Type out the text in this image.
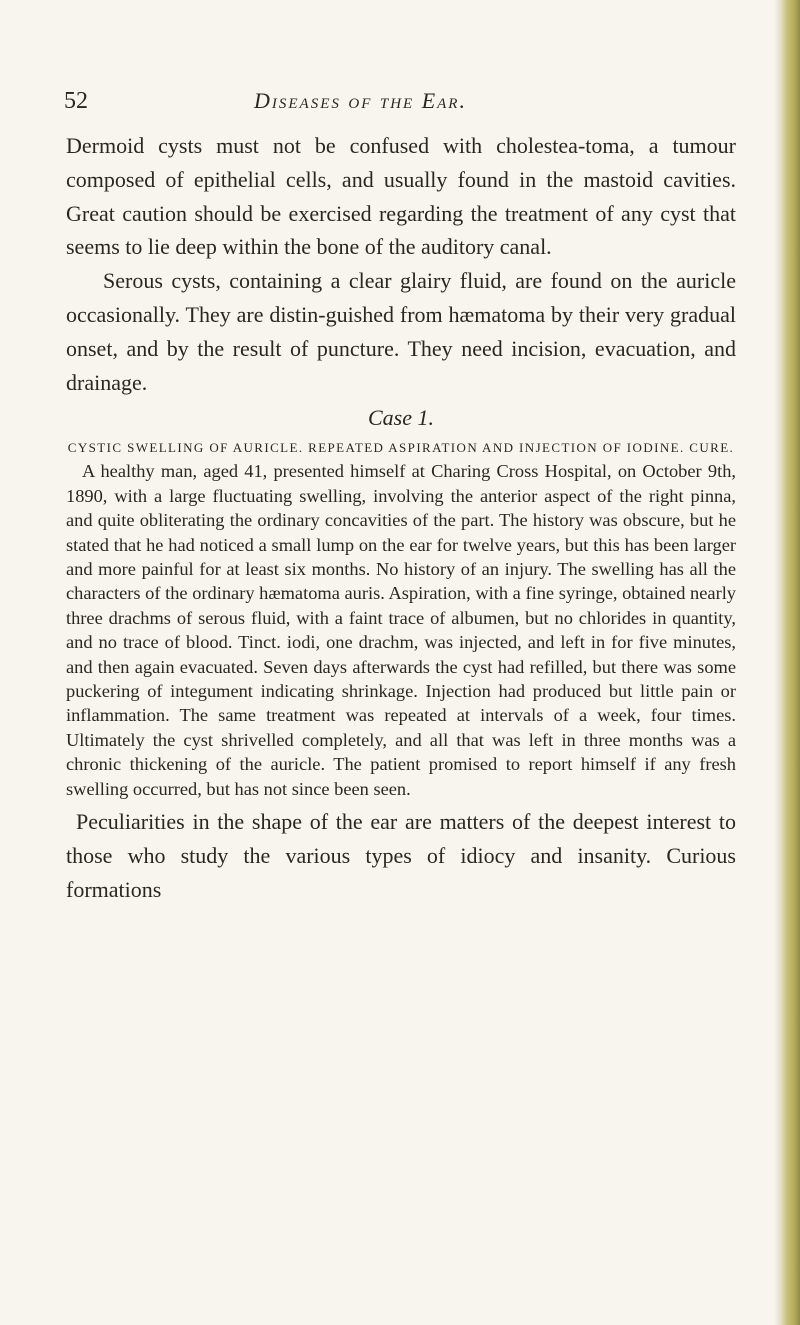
52	Diseases of the Ear.

Dermoid cysts must not be confused with cholestea-toma, a tumour composed of epithelial cells, and usually found in the mastoid cavities. Great caution should be exercised regarding the treatment of any cyst that seems to lie deep within the bone of the auditory canal.

Serous cysts, containing a clear glairy fluid, are found on the auricle occasionally. They are distin-guished from hæmatoma by their very gradual onset, and by the result of puncture. They need incision, evacuation, and drainage.

Case 1.

CYSTIC SWELLING OF AURICLE. REPEATED ASPIRATION AND INJECTION OF IODINE. CURE.

A healthy man, aged 41, presented himself at Charing Cross Hospital, on October 9th, 1890, with a large fluctuating swelling, involving the anterior aspect of the right pinna, and quite obliterating the ordinary concavities of the part. The history was obscure, but he stated that he had noticed a small lump on the ear for twelve years, but this has been larger and more painful for at least six months. No history of an injury. The swelling has all the characters of the ordinary hæmatoma auris. Aspiration, with a fine syringe, obtained nearly three drachms of serous fluid, with a faint trace of albumen, but no chlorides in quantity, and no trace of blood. Tinct. iodi, one drachm, was injected, and left in for five minutes, and then again evacuated. Seven days afterwards the cyst had refilled, but there was some puckering of integument indicating shrinkage. Injection had produced but little pain or inflammation. The same treatment was repeated at intervals of a week, four times. Ultimately the cyst shrivelled completely, and all that was left in three months was a chronic thickening of the auricle. The patient promised to report himself if any fresh swelling occurred, but has not since been seen.

Peculiarities in the shape of the ear are matters of the deepest interest to those who study the various types of idiocy and insanity. Curious formations
